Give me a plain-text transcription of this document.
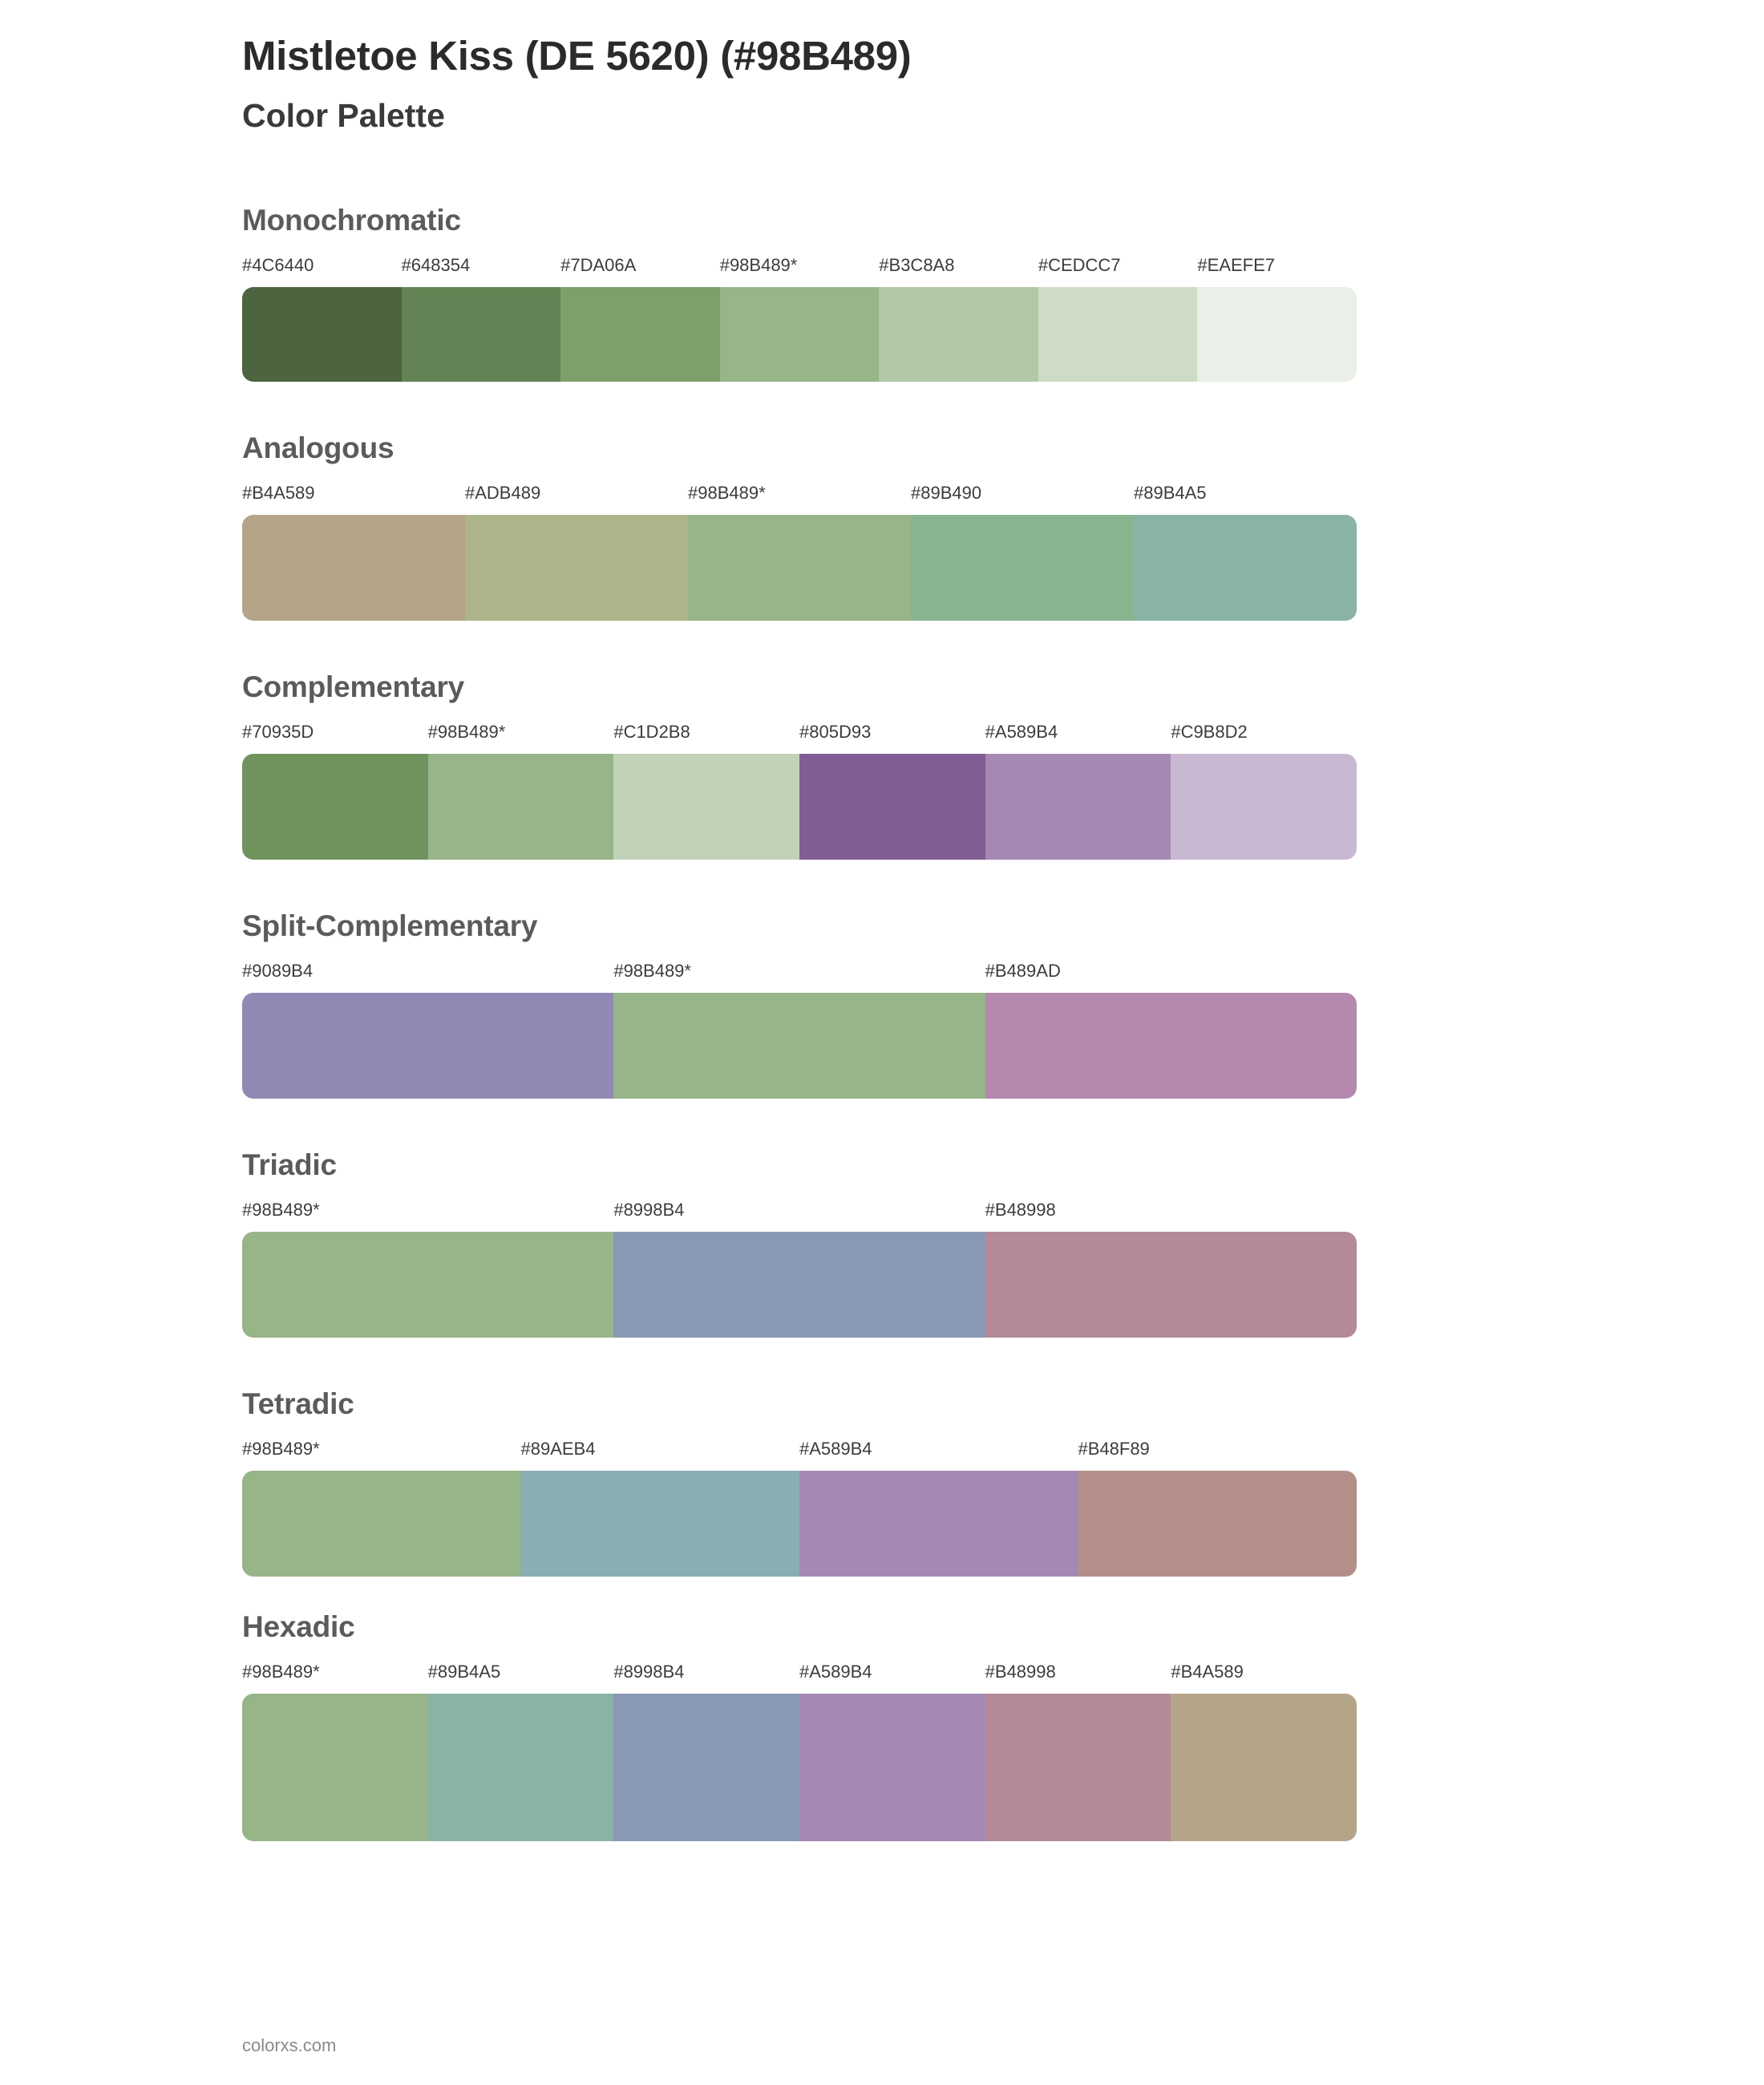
Mistletoe Kiss (DE 5620) (#98B489)
Color Palette
Monochromatic
#4C6440	#648354	#7DA06A	#98B489*	#B3C8A8	#CEDCC7	#EAEFE7
Analogous
#B4A589	#ADB489	#98B489*	#89B490	#89B4A5
Complementary
#70935D	#98B489*	#C1D2B8	#805D93	#A589B4	#C9B8D2
Split-Complementary
#9089B4	#98B489*	#B489AD
Triadic
#98B489*	#8998B4	#B48998
Tetradic
#98B489*	#89AEB4	#A589B4	#B48F89
Hexadic
#98B489*	#89B4A5	#8998B4	#A589B4	#B48998	#B4A589
colorxs.com
